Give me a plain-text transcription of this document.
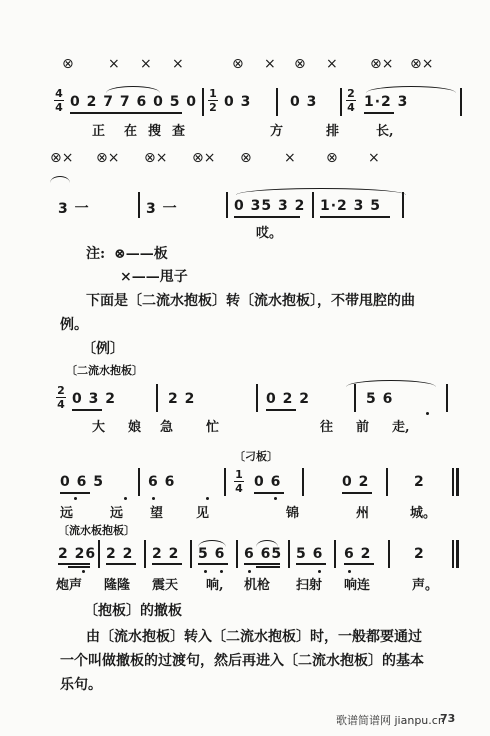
⊗ × × ×	⊗ × ⊗ × ⊗× ⊗×
4
4 0 2 7 7 6 0 5 0
1
2 0 3	0 3
2
4 1·2 3
正 在 搜 查	方	排	长,
⊗× ⊗× ⊗× ⊗× ⊗ × ⊗ ×
3 一	3 一	0 35 3 2 1·2 3 5
哎。
注: ⊗——板
×——甩子
下面是〔二流水抱板〕转〔流水抱板〕，不带甩腔的曲
例。
〔例〕
〔二流水抱板〕
2
4 0 3 2	2 2	0 2 2	5 6
大 娘 急	忙	往 前 走,
〔刁板〕
0 6 5	6 6	1
4 0 6	0 2	2
远	远 望	见	锦	州	城。
〔流水板抱板〕
2 26 2 2 2 2 5 6 6 65 5 6 6 2	2
炮声 隆隆 震天 响, 机枪 扫射 响连	声。
〔抱板〕的撤板
由〔流水抱板〕转入〔二流水抱板〕时，一般都要通过
一个叫做撤板的过渡句，然后再进入〔二流水抱板〕的基本
乐句。
歌谱简谱网 jianpu.cn
73
